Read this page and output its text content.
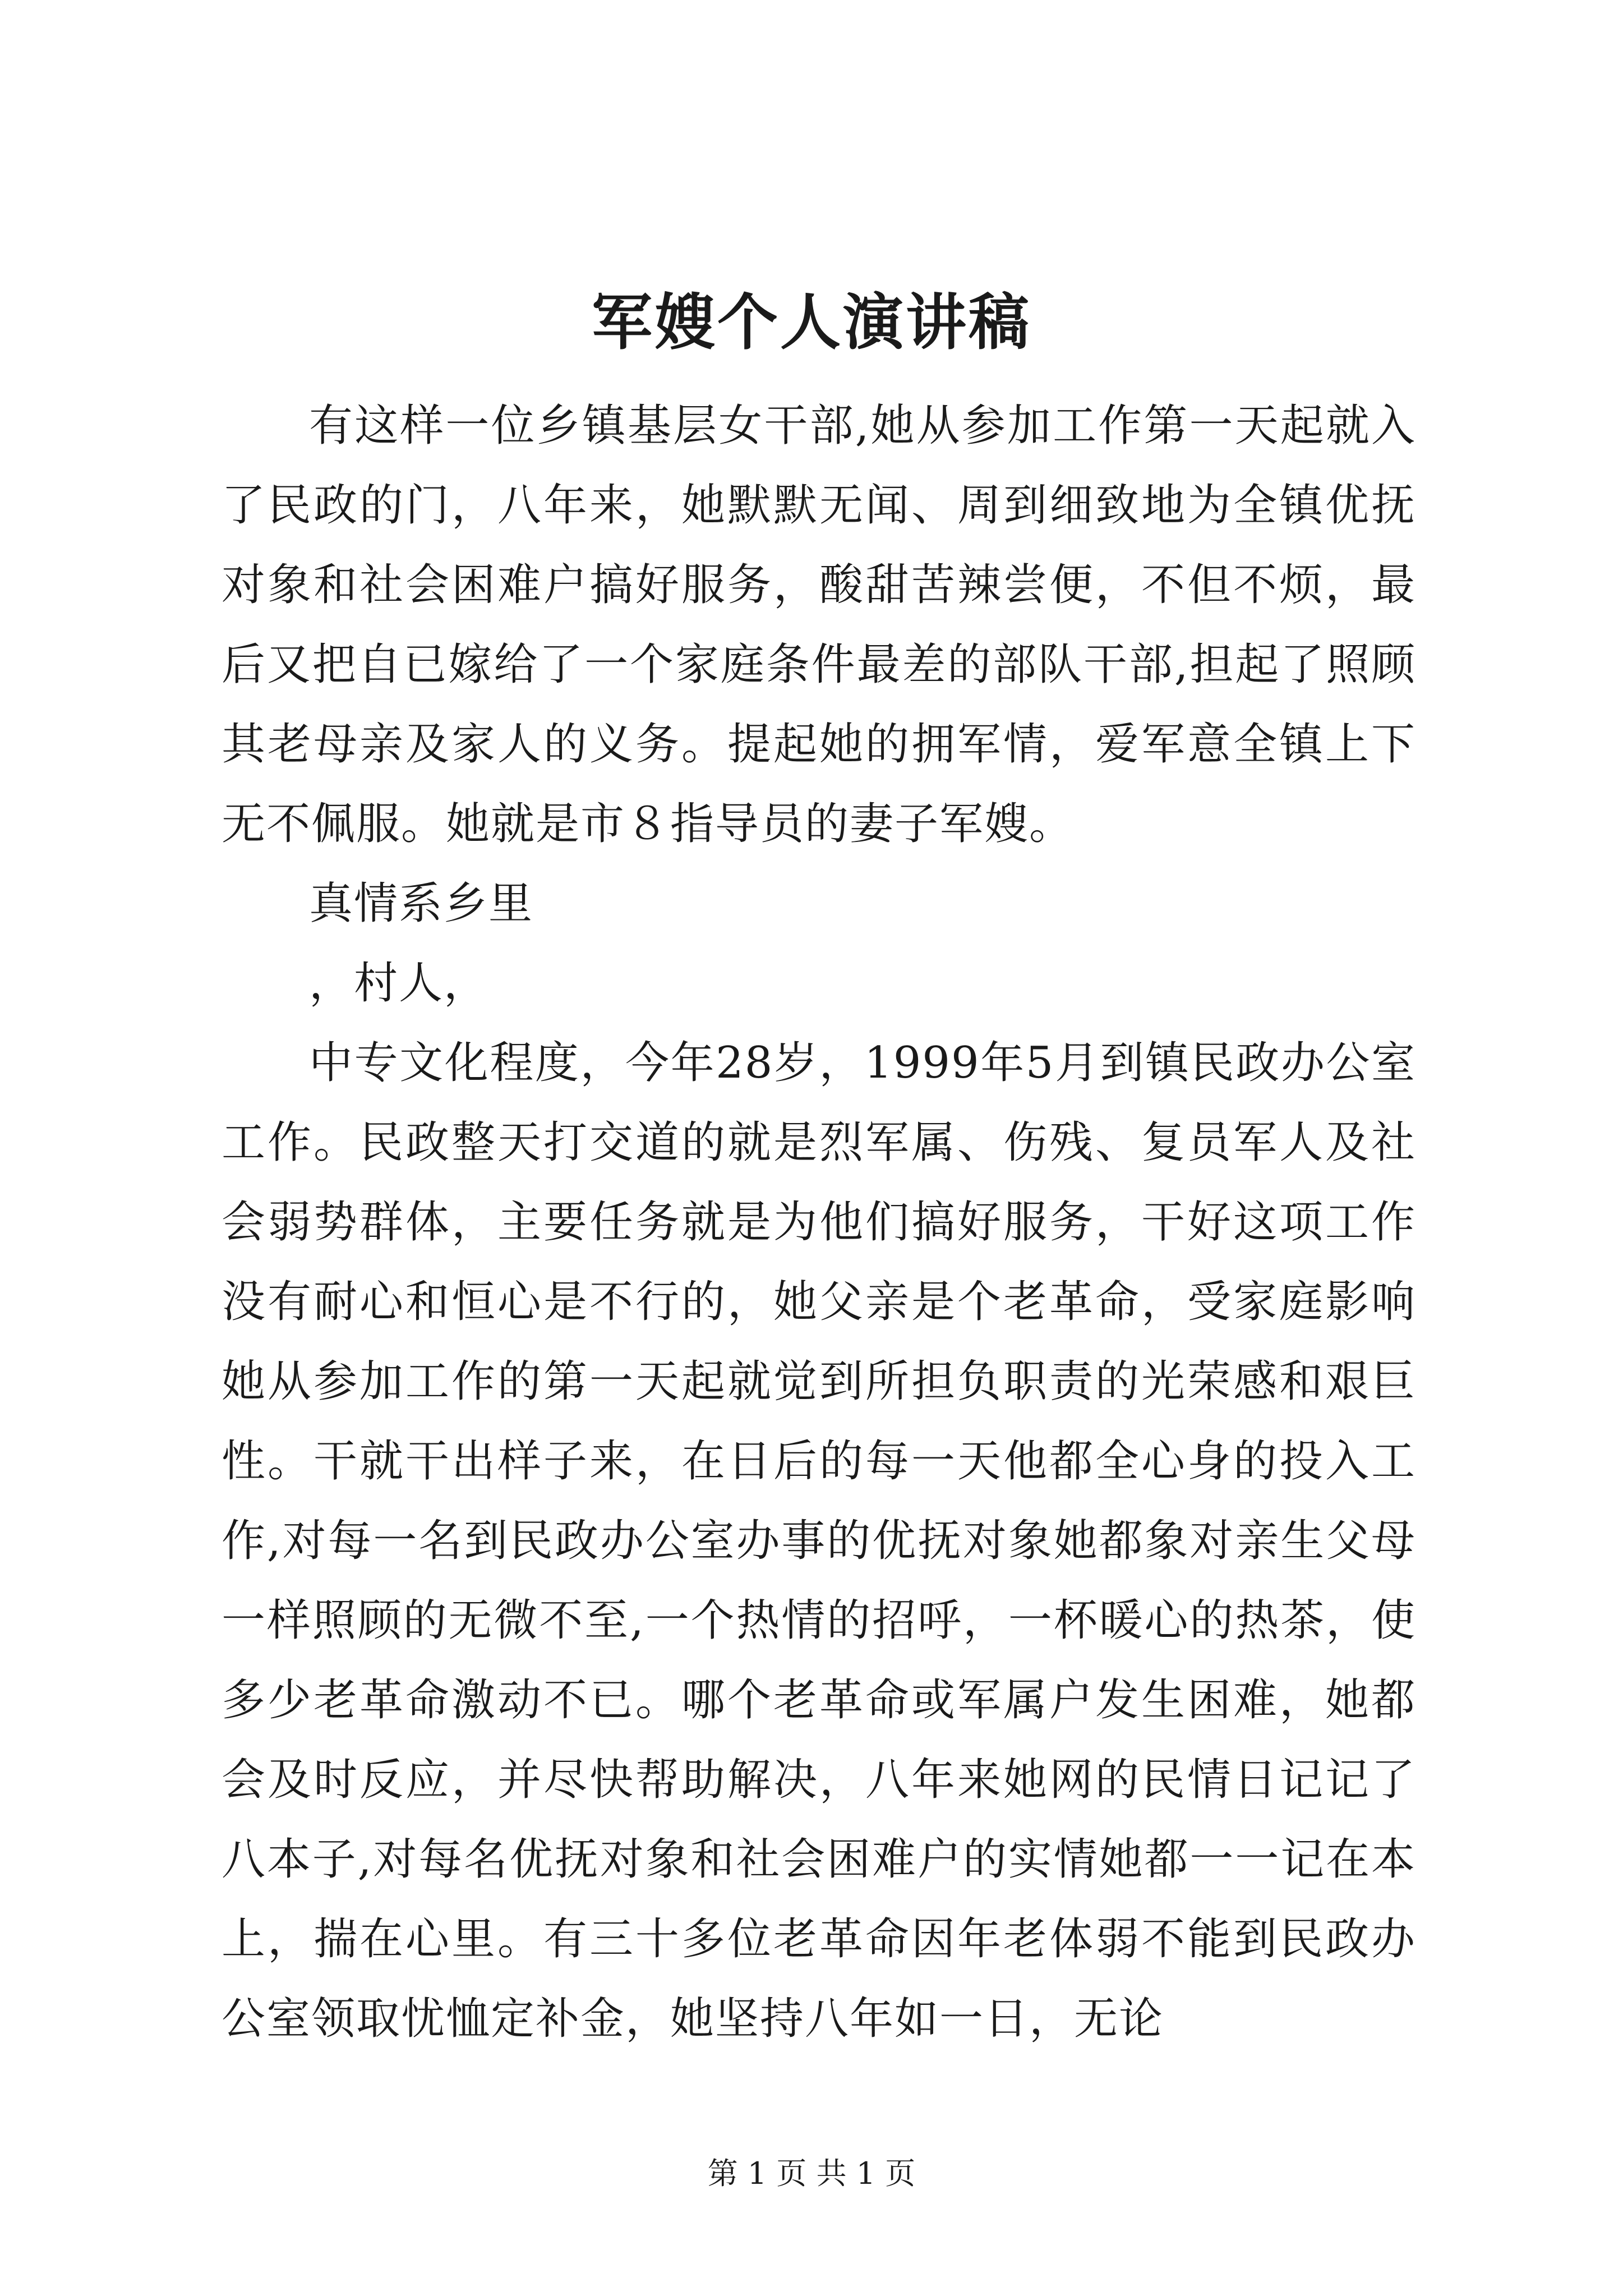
军嫂个人演讲稿

有这样一位乡镇基层女干部,她从参加工作第一天起就入了民政的门，八年来，她默默无闻、周到细致地为全镇优抚对象和社会困难户搞好服务，酸甜苦辣尝便，不但不烦，最后又把自已嫁给了一个家庭条件最差的部队干部,担起了照顾其老母亲及家人的义务。提起她的拥军情，爱军意全镇上下无不佩服。她就是市８指导员的妻子军嫂。

真情系乡里

，村人，

中专文化程度，今年28岁，1999年5月到镇民政办公室工作。民政整天打交道的就是烈军属、伤残、复员军人及社会弱势群体，主要任务就是为他们搞好服务，干好这项工作没有耐心和恒心是不行的，她父亲是个老革命，受家庭影响她从参加工作的第一天起就觉到所担负职责的光荣感和艰巨性。干就干出样子来，在日后的每一天他都全心身的投入工作,对每一名到民政办公室办事的优抚对象她都象对亲生父母一样照顾的无微不至,一个热情的招呼，一杯暖心的热茶，使多少老革命激动不已。哪个老革命或军属户发生困难，她都会及时反应，并尽快帮助解决，八年来她网的民情日记记了八本子,对每名优抚对象和社会困难户的实情她都一一记在本上，揣在心里。有三十多位老革命因年老体弱不能到民政办公室领取忧恤定补金，她坚持八年如一日，无论

第 1 页 共 1 页
